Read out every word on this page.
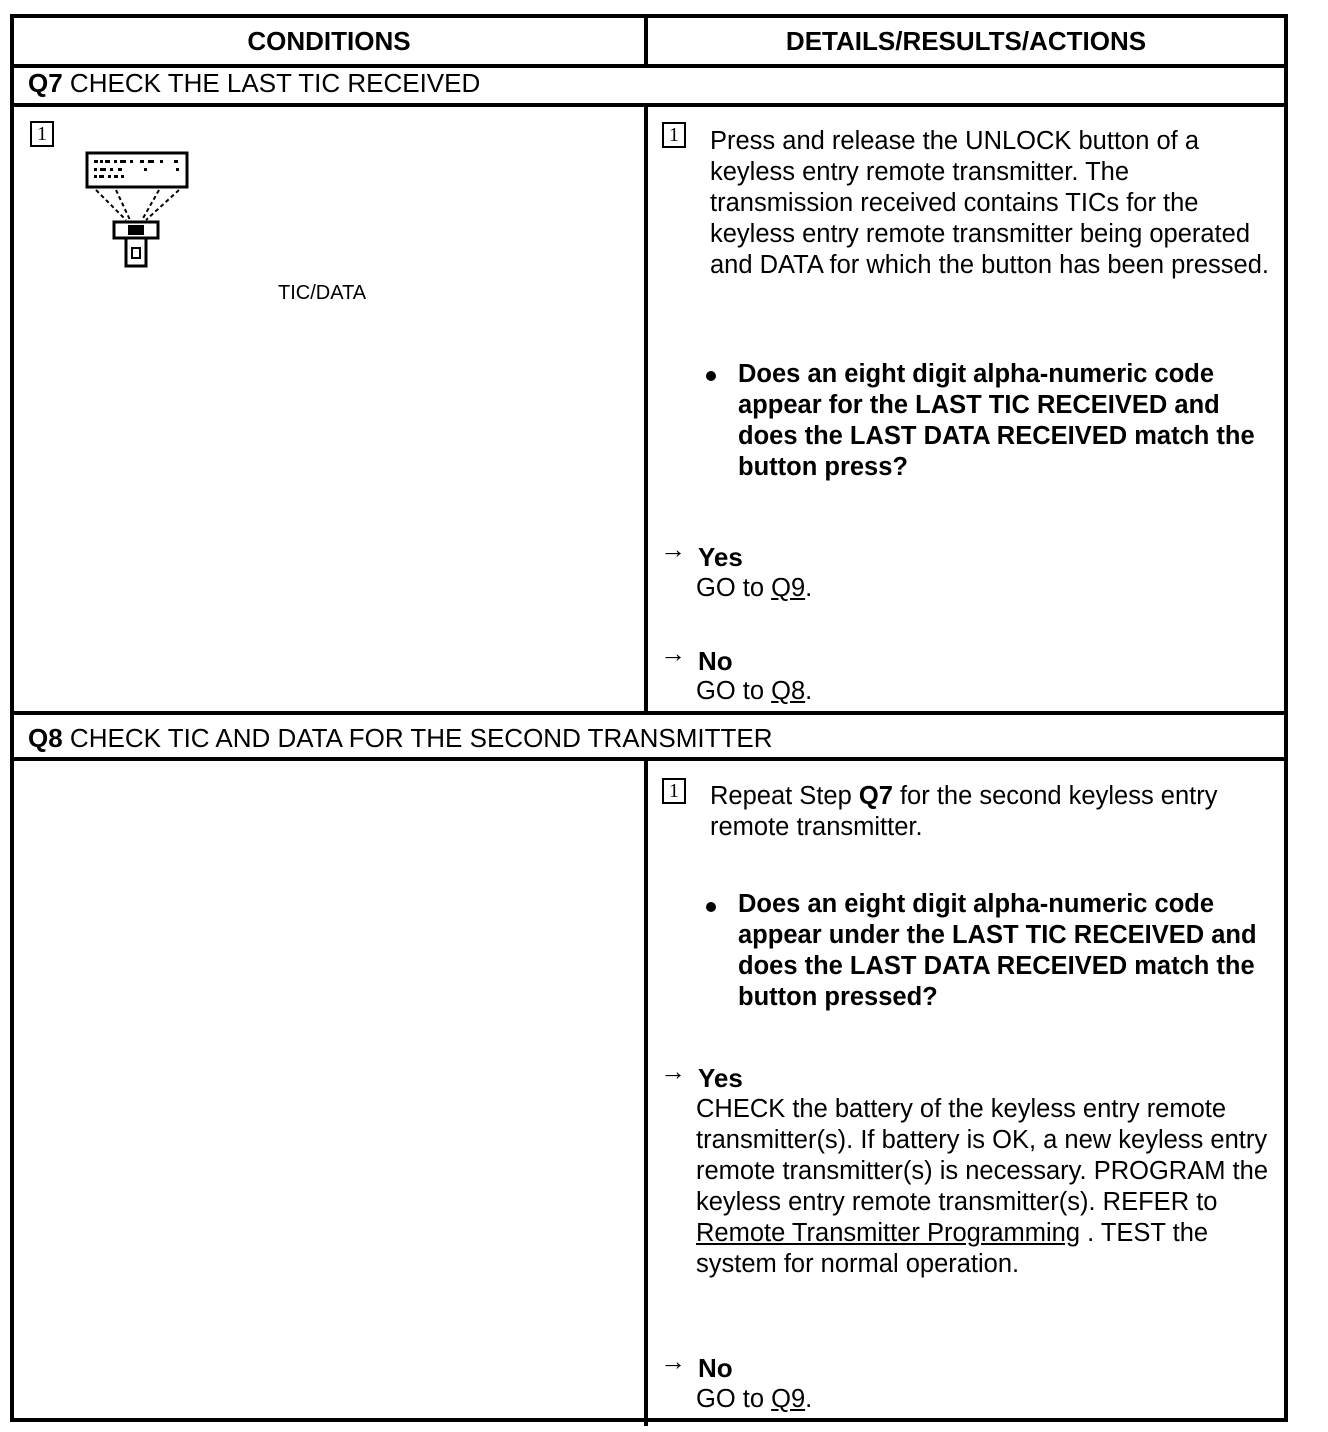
CONDITIONS	DETAILS/RESULTS/ACTIONS
Q7 CHECK THE LAST TIC RECEIVED
1
TIC/DATA
1 Press and release the UNLOCK button of a keyless entry remote transmitter. The transmission received contains TICs for the keyless entry remote transmitter being operated and DATA for which the button has been pressed.
Does an eight digit alpha-numeric code appear for the LAST TIC RECEIVED and does the LAST DATA RECEIVED match the button press?
→ Yes
GO to Q9.
→ No
GO to Q8.
Q8 CHECK TIC AND DATA FOR THE SECOND TRANSMITTER
1 Repeat Step Q7 for the second keyless entry remote transmitter.
Does an eight digit alpha-numeric code appear under the LAST TIC RECEIVED and does the LAST DATA RECEIVED match the button pressed?
→ Yes
CHECK the battery of the keyless entry remote transmitter(s). If battery is OK, a new keyless entry remote transmitter(s) is necessary. PROGRAM the keyless entry remote transmitter(s). REFER to Remote Transmitter Programming . TEST the system for normal operation.
→ No
GO to Q9.
